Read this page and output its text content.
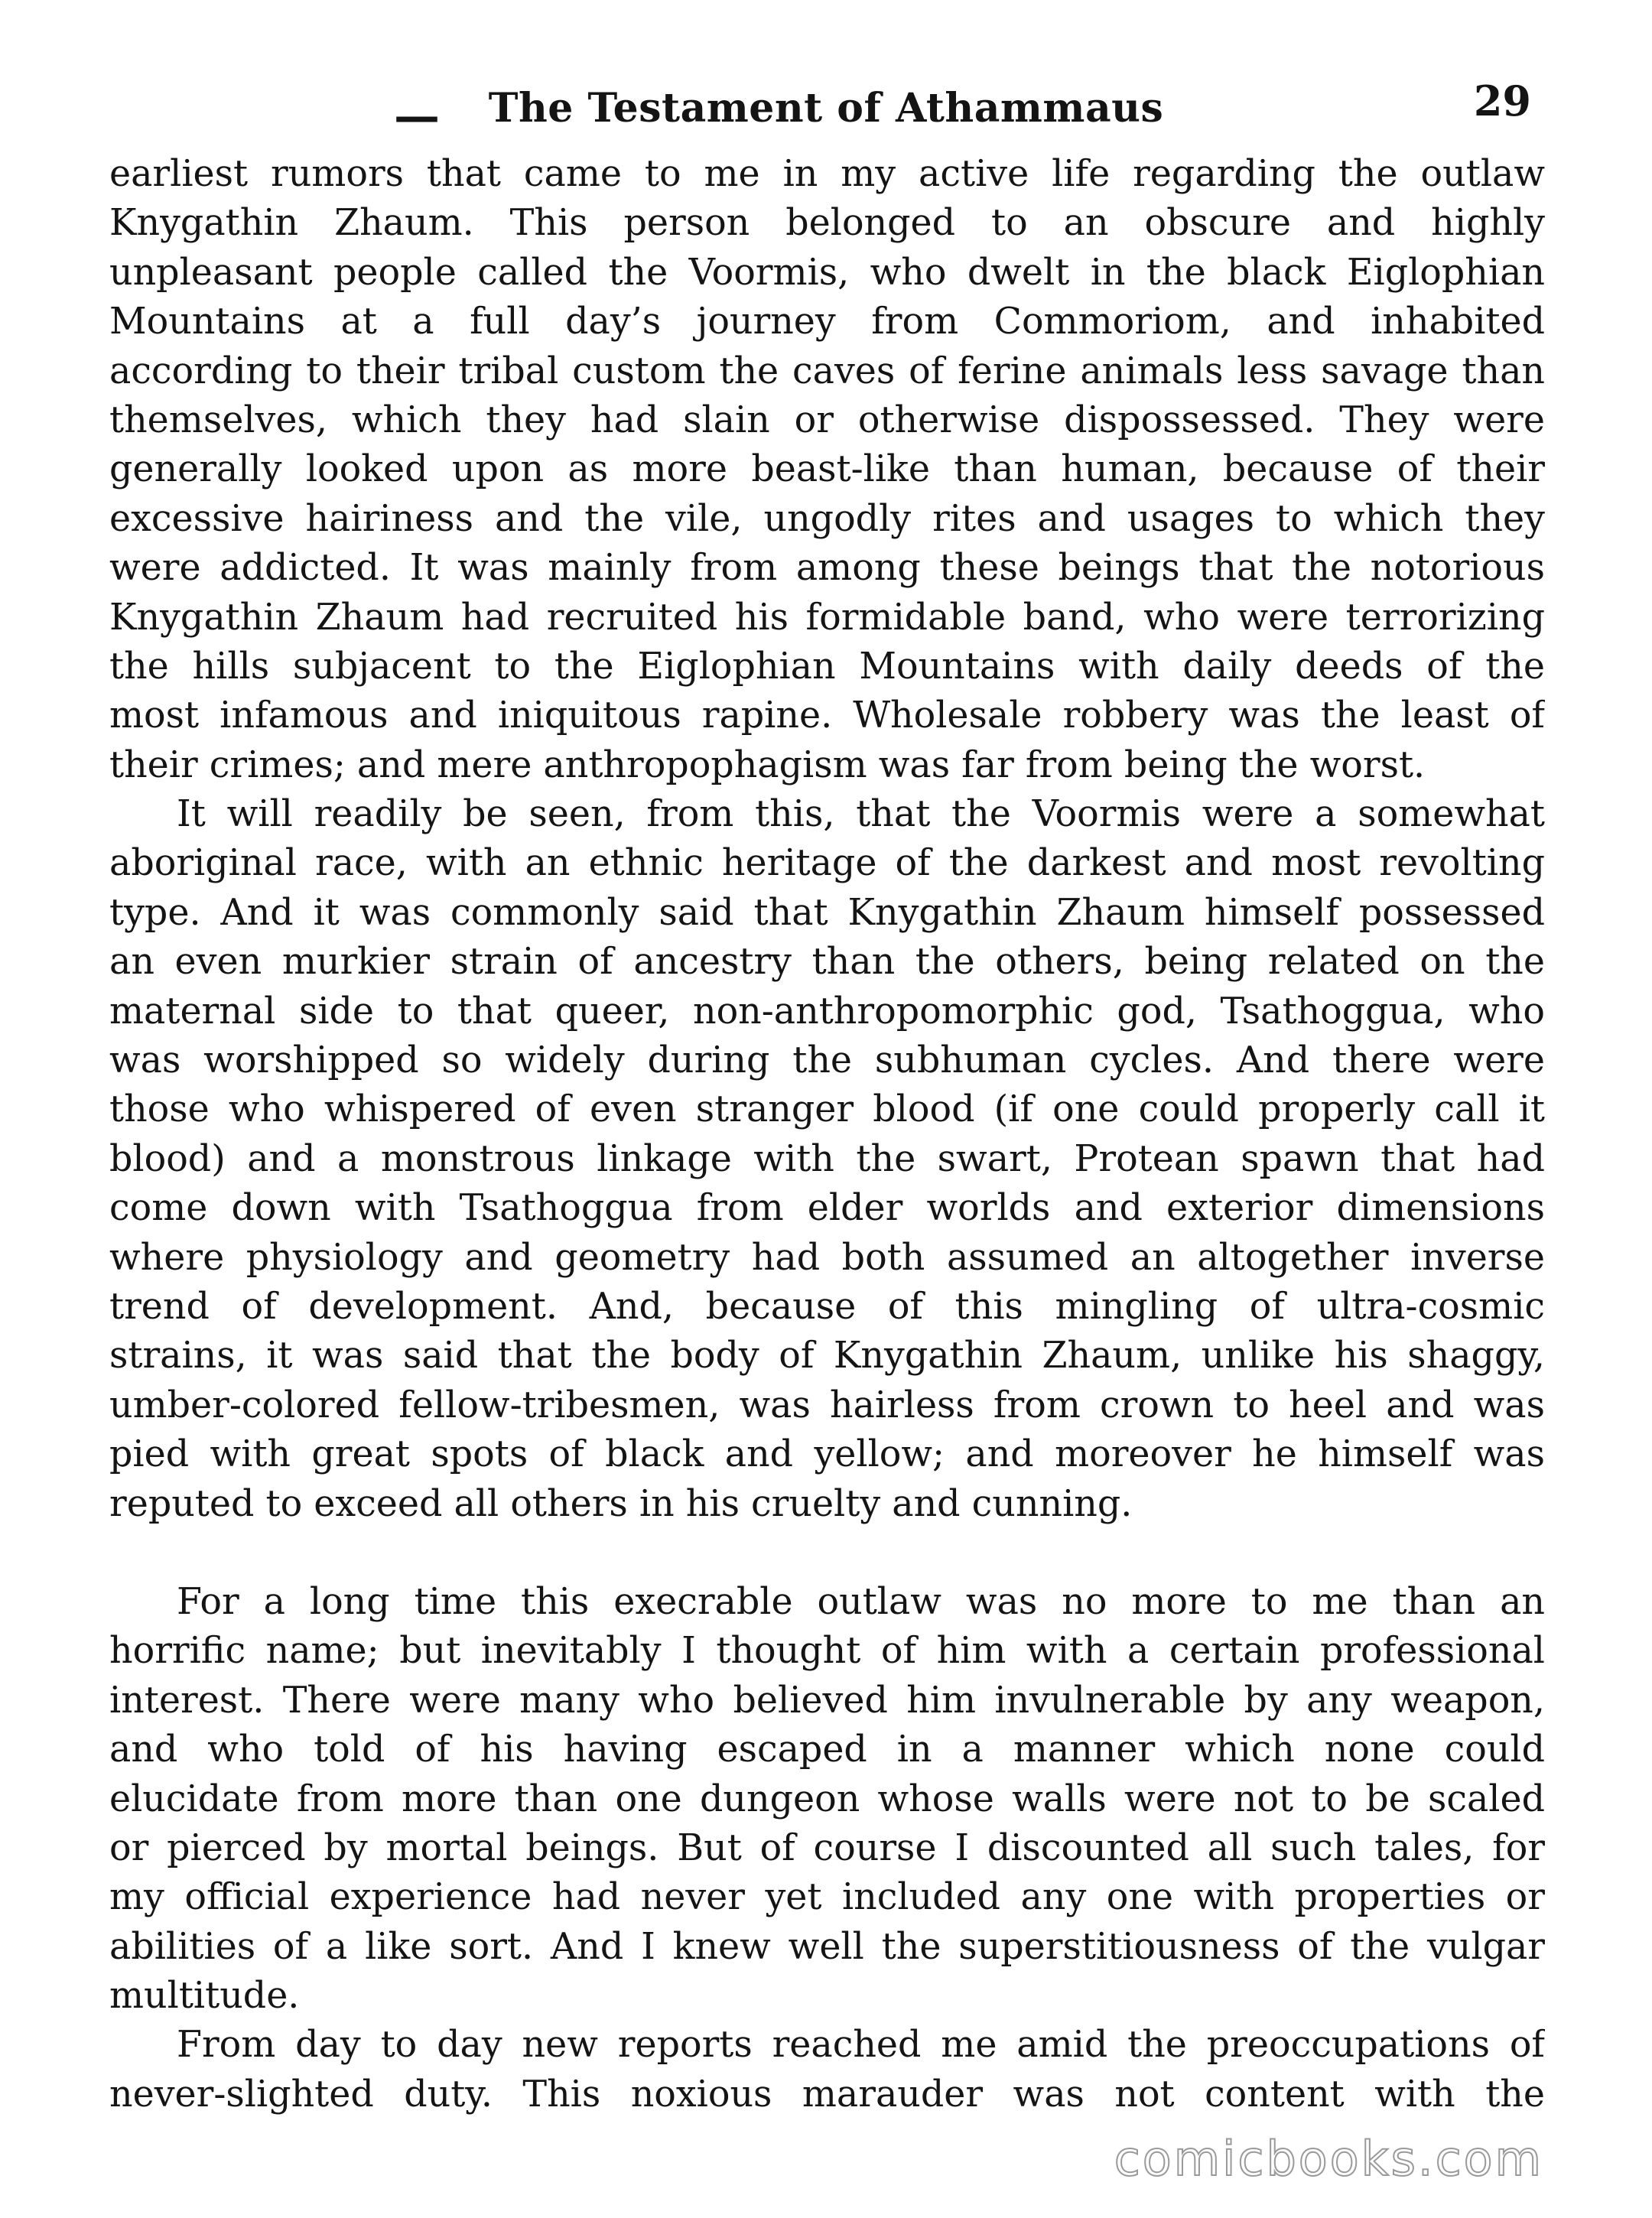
—	The Testament of Athammaus	29
earliest rumors that came to me in my active life regarding the outlaw
Knygathin Zhaum. This person belonged to an obscure and highly
unpleasant people called the Voormis, who dwelt in the black Eiglophian
Mountains at a full day’s journey from Commoriom, and inhabited
according to their tribal custom the caves of ferine animals less savage than
themselves, which they had slain or otherwise dispossessed. They were
generally looked upon as more beast-like than human, because of their
excessive hairiness and the vile, ungodly rites and usages to which they
were addicted. It was mainly from among these beings that the notorious
Knygathin Zhaum had recruited his formidable band, who were terrorizing
the hills subjacent to the Eiglophian Mountains with daily deeds of the
most infamous and iniquitous rapine. Wholesale robbery was the least of
their crimes; and mere anthropophagism was far from being the worst.
It will readily be seen, from this, that the Voormis were a somewhat
aboriginal race, with an ethnic heritage of the darkest and most revolting
type. And it was commonly said that Knygathin Zhaum himself possessed
an even murkier strain of ancestry than the others, being related on the
maternal side to that queer, non-anthropomorphic god, Tsathoggua, who
was worshipped so widely during the subhuman cycles. And there were
those who whispered of even stranger blood (if one could properly call it
blood) and a monstrous linkage with the swart, Protean spawn that had
come down with Tsathoggua from elder worlds and exterior dimensions
where physiology and geometry had both assumed an altogether inverse
trend of development. And, because of this mingling of ultra-cosmic
strains, it was said that the body of Knygathin Zhaum, unlike his shaggy,
umber-colored fellow-tribesmen, was hairless from crown to heel and was
pied with great spots of black and yellow; and moreover he himself was
reputed to exceed all others in his cruelty and cunning.
For a long time this execrable outlaw was no more to me than an
horrific name; but inevitably I thought of him with a certain professional
interest. There were many who believed him invulnerable by any weapon,
and who told of his having escaped in a manner which none could
elucidate from more than one dungeon whose walls were not to be scaled
or pierced by mortal beings. But of course I discounted all such tales, for
my official experience had never yet included any one with properties or
abilities of a like sort. And I knew well the superstitiousness of the vulgar
multitude.
From day to day new reports reached me amid the preoccupations of
never-slighted duty. This noxious marauder was not content with the
comicbooks.com
